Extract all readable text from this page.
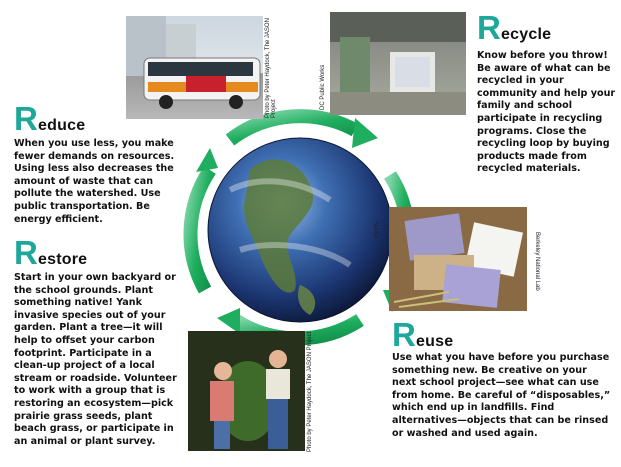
Photo by Peter Haydock, The JASON Project	DC Public Works
NASA
Berkeley National Lab
Photo by Peter Haydock, The JASON Project
Reduce
When you use less, you make fewer demands on resources. Using less also decreases the amount of waste that can pollute the watershed. Use public transportation. Be energy efficient.
Restore
Start in your own backyard or the school grounds. Plant something native! Yank invasive species out of your garden. Plant a tree—it will help to offset your carbon footprint. Participate in a clean-up project of a local stream or roadside. Volunteer to work with a group that is restoring an ecosystem—pick prairie grass seeds, plant beach grass, or participate in an animal or plant survey.
Recycle
Know before you throw! Be aware of what can be recycled in your community and help your family and school participate in recycling programs. Close the recycling loop by buying products made from recycled materials.
Reuse
Use what you have before you purchase something new. Be creative on your next school project—see what can use from home. Be careful of “disposables,” which end up in landfills. Find alternatives—objects that can be rinsed or washed and used again.
